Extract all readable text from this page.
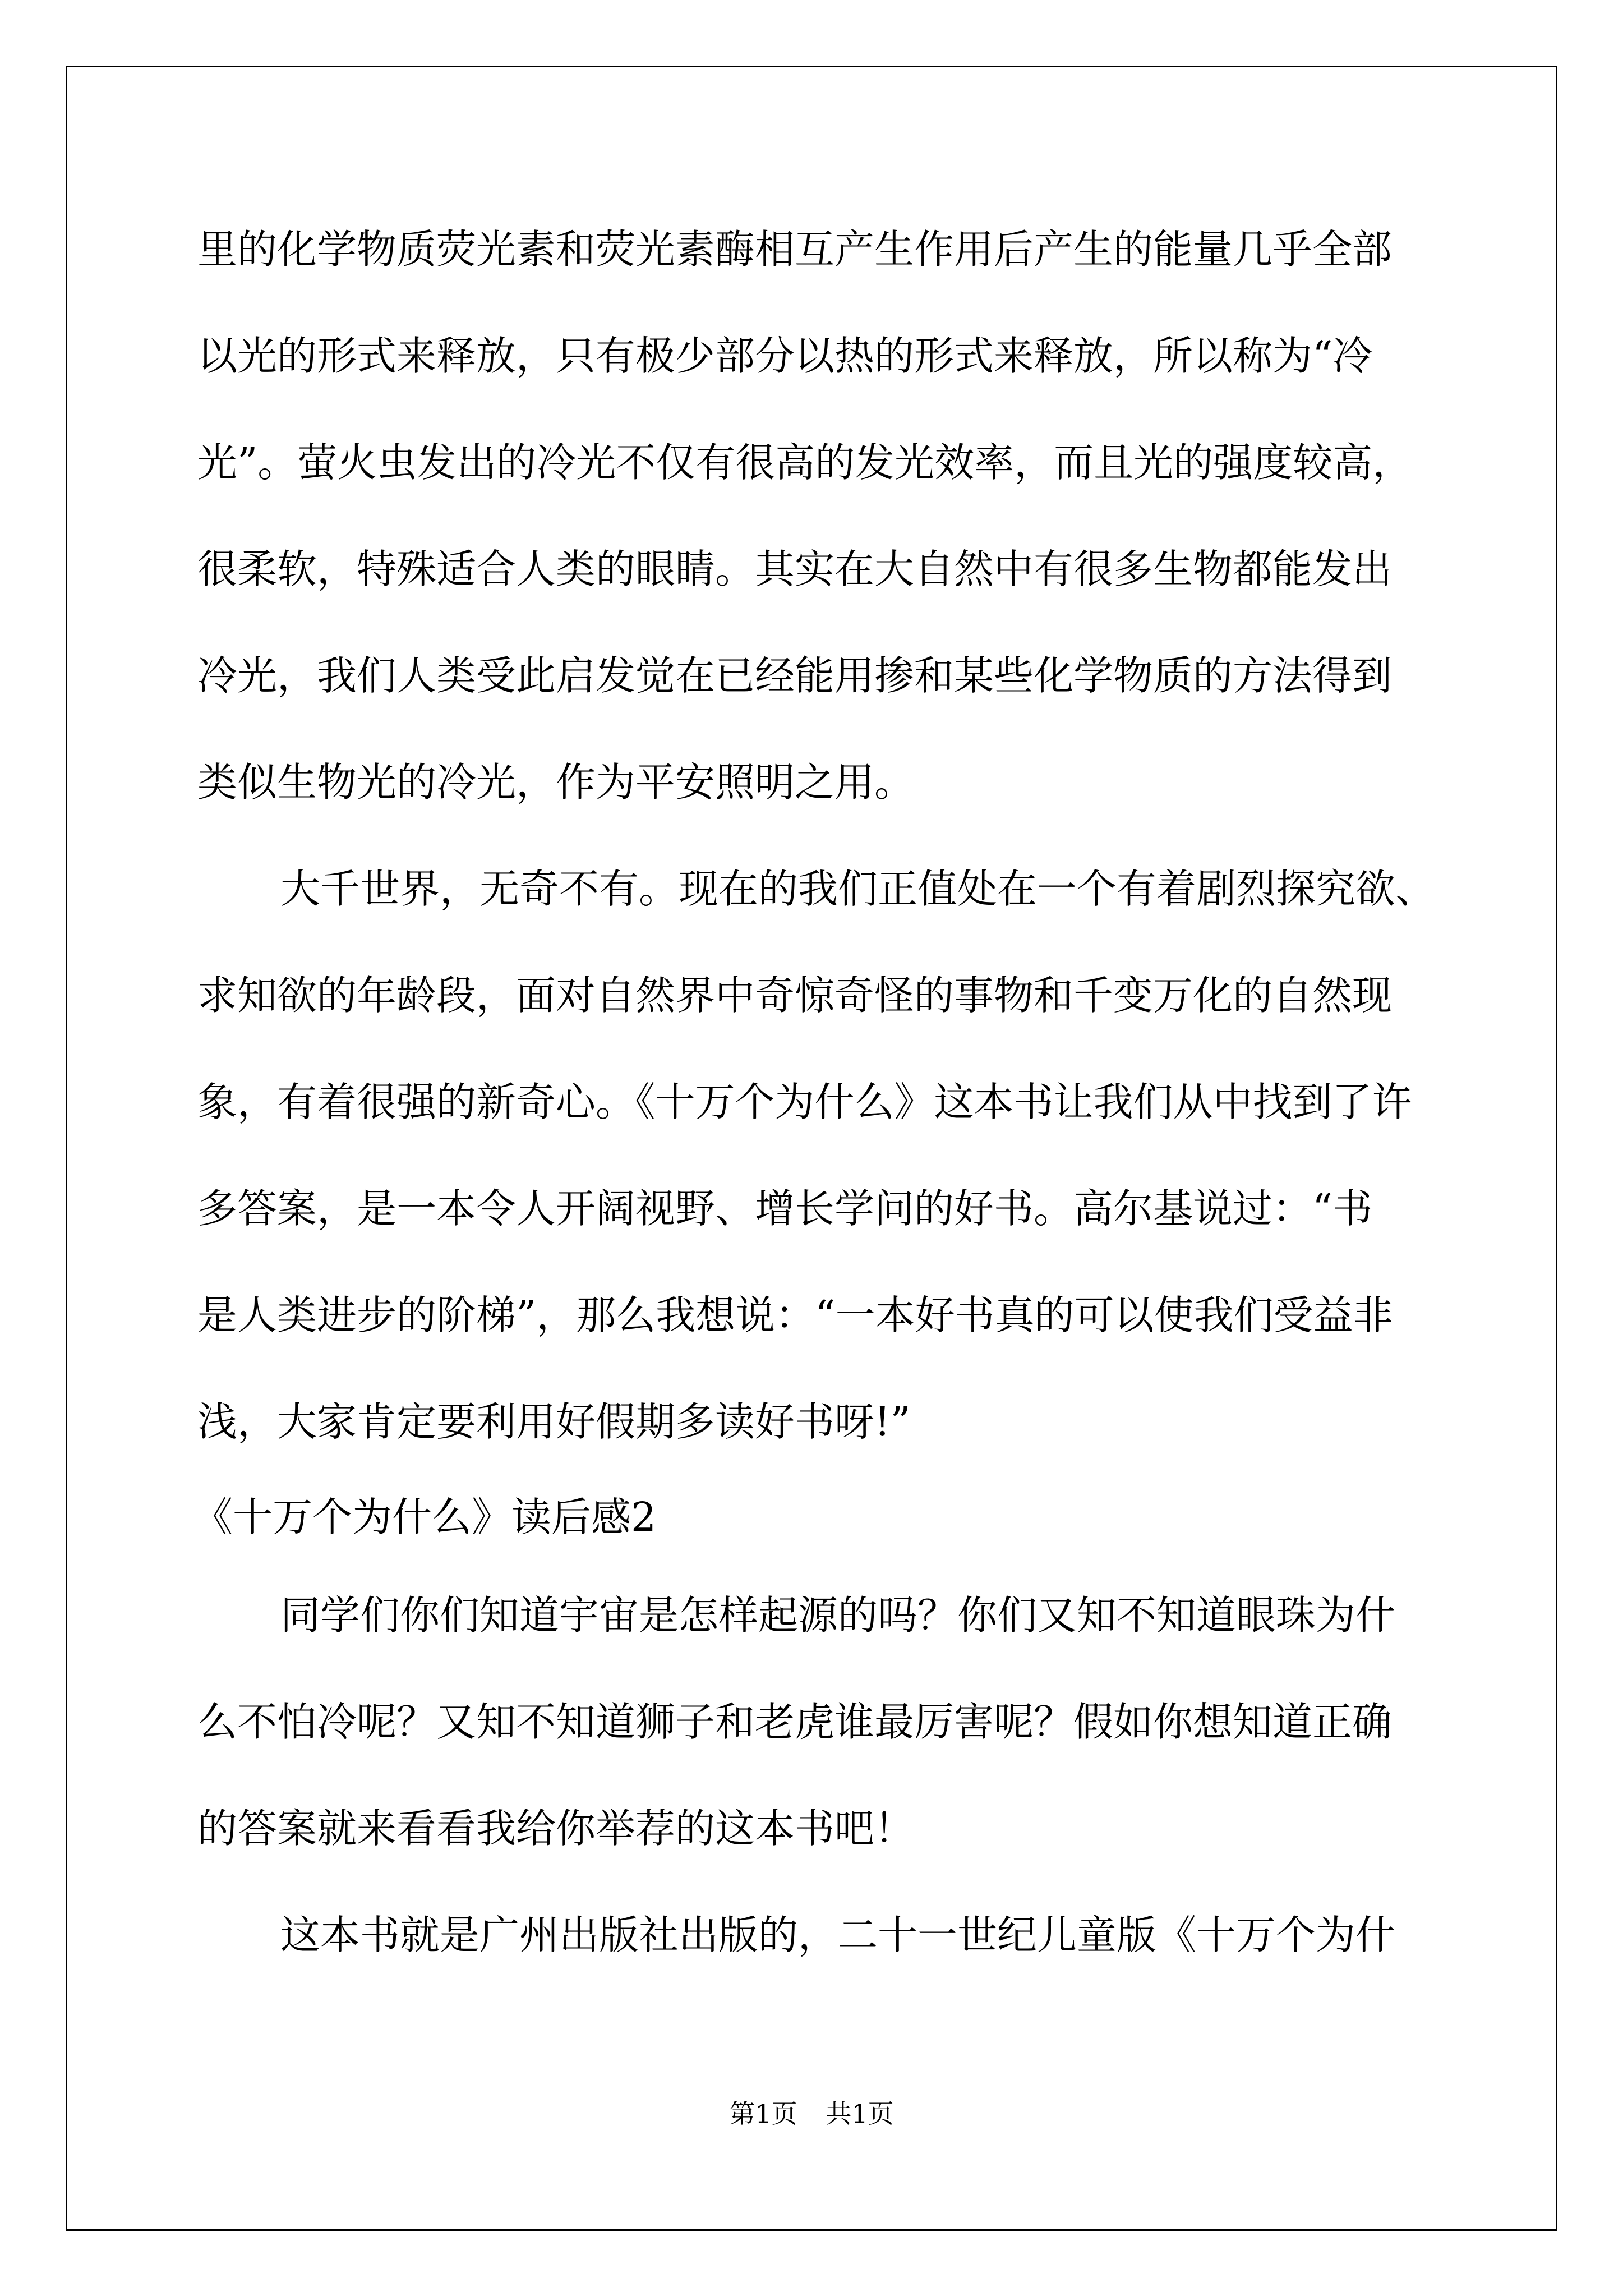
里的化学物质荧光素和荧光素酶相互产生作用后产生的能量几乎全部
以光的形式来释放，只有极少部分以热的形式来释放，所以称为“冷
光”。萤火虫发出的冷光不仅有很高的发光效率，而且光的强度较高，
很柔软，特殊适合人类的眼睛。其实在大自然中有很多生物都能发出
冷光，我们人类受此启发觉在已经能用掺和某些化学物质的方法得到
类似生物光的冷光，作为平安照明之用。
大千世界，无奇不有。现在的我们正值处在一个有着剧烈探究欲、
求知欲的年龄段，面对自然界中奇惊奇怪的事物和千变万化的自然现
象，有着很强的新奇心。《十万个为什么》这本书让我们从中找到了许
多答案，是一本令人开阔视野、增长学问的好书。高尔基说过：“书
是人类进步的阶梯”，那么我想说：“一本好书真的可以使我们受益非
浅，大家肯定要利用好假期多读好书呀!”
《十万个为什么》读后感2
同学们你们知道宇宙是怎样起源的吗？你们又知不知道眼珠为什
么不怕冷呢？又知不知道狮子和老虎谁最厉害呢？假如你想知道正确
的答案就来看看我给你举荐的这本书吧！
这本书就是广州出版社出版的，二十一世纪儿童版《十万个为什
第1页 共1页
